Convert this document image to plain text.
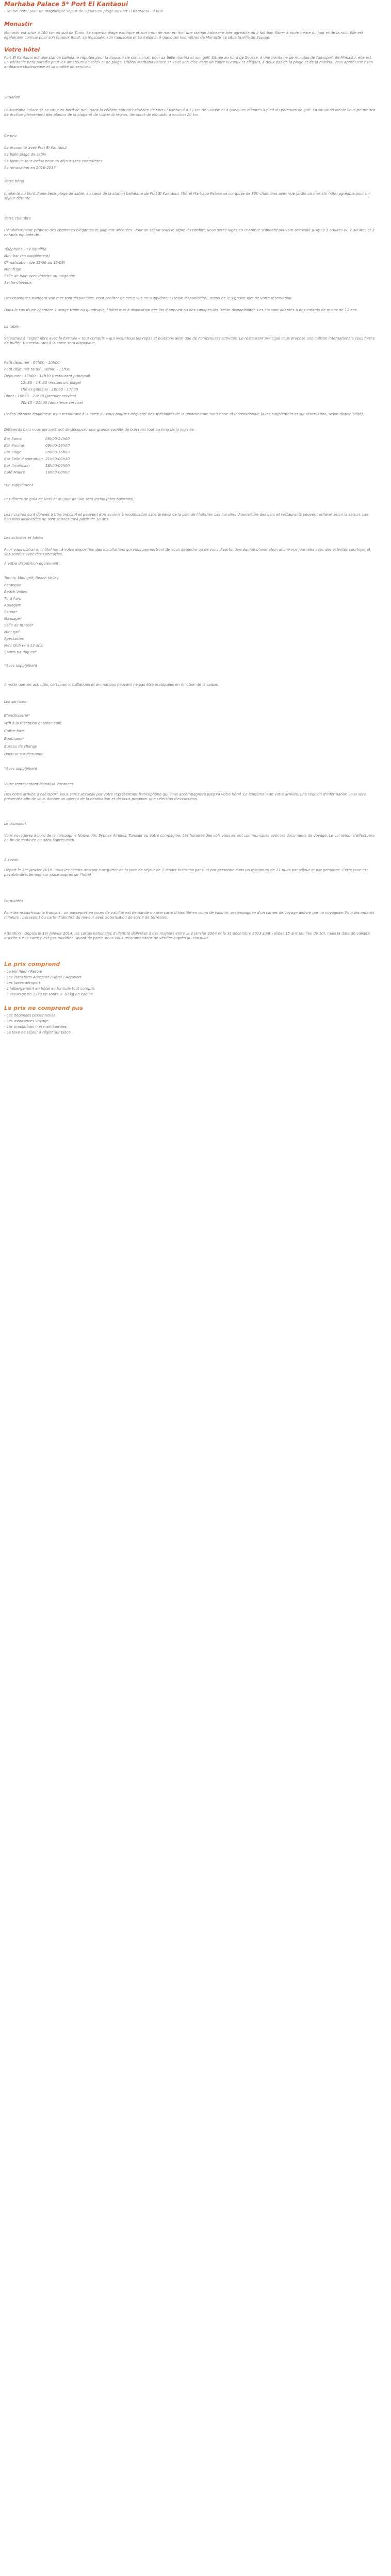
Marhaba Palace 5* Port El Kantaoui
- Un bel hôtel pour un magnifique séjour de 8 jours en plage au Port El Kantaoui - 8 000
Monastir
Monastir est situé à 160 km au sud de Tunis. Sa superbe plage exotique et son front de mer en font une station balnéaire très agréable où il fait bon flâner à toute heure du jour et de la nuit. Elle est également connue pour son fameux Ribat, sa mosquée, son mausolée et sa médina. À quelques kilomètres de Monastir se situe la ville de Sousse.
Votre hôtel
Port El Kantaoui est une station balnéaire réputée pour la douceur de son climat, pour sa belle marina et son golf. Située au nord de Sousse, à une trentaine de minutes de l'aéroport de Monastir, elle est un véritable petit paradis pour les amateurs de soleil et de plage. L'hôtel Marhaba Palace 5* vous accueille dans un cadre luxueux et élégant, à deux pas de la plage et de la marina. Vous apprécierez son ambiance chaleureuse et sa qualité de services.
Situation
Le Marhaba Palace 5* se situe en bord de mer, dans la célèbre station balnéaire de Port El Kantaoui à 12 km de Sousse et à quelques minutes à pied du parcours de golf. Sa situation idéale vous permettra de profiter pleinement des plaisirs de la plage et de visiter la région. Aéroport de Monastir à environ 20 km.
Ce prix
Sa proximité avec Port El Kantaoui
Sa belle plage de sable
Sa formule tout inclus pour un séjour sans contraintes
Sa rénovation en 2016-2017
Votre hôtel
Implanté au bord d'une belle plage de sable, au cœur de la station balnéaire de Port El Kantaoui, l'hôtel Marhaba Palace se compose de 330 chambres avec vue jardin ou mer. Un hôtel agréable pour un séjour détente.
Votre chambre
L'établissement propose des chambres élégantes et joliment décorées. Pour un séjour sous le signe du confort, vous serez logés en chambre standard pouvant accueillir jusqu'à 3 adultes ou 2 adultes et 2 enfants équipée de :
Téléphone - TV satellite
Mini-bar (en supplément)
Climatisation (de 15/06 au 15/09)
Mini-frigo
Salle de bain avec douche ou baignoire
Sèche-cheveux
Des chambres standard vue mer sont disponibles. Pour profiter de cette vue en supplément (selon disponibilité), merci de le signaler lors de votre réservation.
Dans le cas d'une chambre à usage triple ou quadruple, l'hôtel met à disposition des lits d'appoint ou des canapés-lits (selon disponibilité). Les lits sont adaptés à des enfants de moins de 12 ans.
La table
Séjournez à l'esprit libre avec la formule « tout compris » qui inclut tous les repas et boissons ainsi que de nombreuses activités. Le restaurant principal vous propose une cuisine internationale sous forme de buffet. Un restaurant à la carte sera disponible.
Petit déjeuner : 07h00 - 10h00
Petit déjeuner tardif : 10h00 - 11h30
Déjeuner : 13h00 - 14h30 (restaurant principal)
12h30 - 14h30 (restaurant plage)
Thé et gâteaux : 16h00 - 17h00
Dîner : 18h30 - 21h30 (premier service)
20h15 - 21h00 (deuxième service)
L'hôtel dispose également d'un restaurant à la carte ou vous pourrez déguster des spécialités de la gastronomie tunisienne et internationale (avec supplément et sur réservation, selon disponibilité).
Différents bars vous permettront de découvrir une grande variété de boissons tout au long de la journée :
Bar Sama	09h00-24h00
Bar Piscine	09h00-19h00
Bar Plage	09h00-16h00
Bar Salle d'animation 21h00-00h30
Bar Américain	18h00-00h00
Café Maure	16h00-00h00
*En supplément
Les dîners de gala de Noël et du Jour de l'An sont inclus (hors boissons).
Les horaires sont donnés à titre indicatif et peuvent être soumis à modification sans préavis de la part de l'hôtelier. Les horaires d'ouverture des bars et restaurants peuvent différer selon la saison. Les boissons alcoolisées ne sont servies qu'à partir de 18 ans.
Les activités et loisirs
Pour vous distraire, l'hôtel met à votre disposition des installations qui vous permettront de vous détendre ou de vous divertir. Une équipe d'animation anime vos journées avec des activités sportives et vos soirées avec des spectacles.
À votre disposition également :
Tennis, Mini golf, Beach Volley
Pétanque
Beach Volley
Tir à l'arc
Aquagym
Sauna*
Massage*
Salle de fitness*
Mini golf
Spectacles
Mini Club (4 à 12 ans)
Sports nautiques*
*Avec supplément
À noter que les activités, certaines installations et animations peuvent ne pas être pratiquées en fonction de la saison.
Les services :
Blanchisserie*
Wifi à la réception et salon café
Coffre-fort*
Boutiques*
Bureau de change
Docteur sur demande
*Avec supplément
Votre représentant Monalisa Vacances
Des notre arrivée à l'aéroport, vous serez accueilli par votre représentant francophone qui vous accompagnera jusqu'à votre hôtel. Le lendemain de votre arrivée, une réunion d'information vous sera présentée afin de vous donner un aperçu de la destination et de vous proposer une sélection d'excursions.
Le transport
Vous voyagerez à bord de la compagnie Nouvel Air, Syphax Airlines, Tunisair ou autre compagnie. Les horaires des vols vous seront communiqués avec les documents de voyage. Le vol retour s'effectuera en fin de matinée ou dans l'après-midi.
À savoir
Départ le 1er janvier 2018 : tous les clients devront s'acquitter de la taxe de séjour de 3 dinars tunisiens par nuit par personne dans un maximum de 21 nuits par séjour et par personne. Cette taxe est payable directement sur place auprès de l'hôtel.
Formalités
Pour les ressortissants français : un passeport en cours de validité est demandé ou une carte d'identité en cours de validité, accompagnée d'un carnet de voyage délivré par un voyagiste. Pour les enfants mineurs : passeport ou carte d'identité du mineur avec autorisation de sortie de territoire.
Attention : Depuis le 1er janvier 2014, les cartes nationales d'identité délivrées à des majeurs entre le 2 janvier 2004 et le 31 décembre 2013 sont valides 15 ans (au lieu de 10), mais la date de validité inscrite sur la carte n'est pas modifiée. Avant de partir, nous vous recommandons de vérifier auprès du consulat.
Le prix comprend
- Le Vol Aller / Retour
- Les Transferts Aéroport / Hôtel / Aéroport
- Les taxes aéroport
- L'hébergement en hôtel en formule tout compris
- L'assurage de 23kg en soute + 10 kg en cabine
Le prix ne comprend pas
- Les dépenses personnelles
- Les assurances voyage
- Les prestations non mentionnées
- La taxe de séjour à régler sur place
